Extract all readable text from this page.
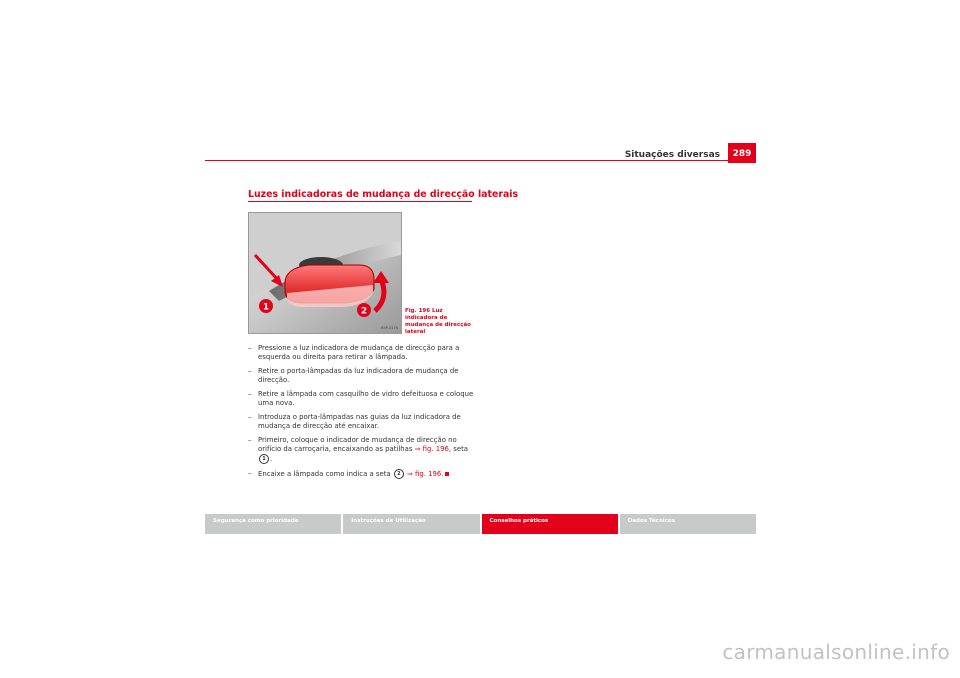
Situações diversas	289
Luzes indicadoras de mudança de direcção laterais
1	2
B5P-0176
Fig. 196 Luz indicadora de mudança de direcção lateral
– Pressione a luz indicadora de mudança de direcção para a esquerda ou direita para retirar a lâmpada.
– Retire o porta-lâmpadas da luz indicadora de mudança de direcção.
– Retire a lâmpada com casquilho de vidro defeituosa e coloque uma nova.
– Introduza o porta-lâmpadas nas guias da luz indicadora de mudança de direcção até encaixar.
– Primeiro, coloque o indicador de mudança de direcção no orifício da carroçaria, encaixando as patilhas ⇒ fig. 196, seta 1 .
– Encaixe a lâmpada como indica a seta 2 ⇒ fig. 196.
Segurança como prioridade	Instruções de Utilização	Conselhos práticos	Dados Técnicos
carmanualsonline.info
